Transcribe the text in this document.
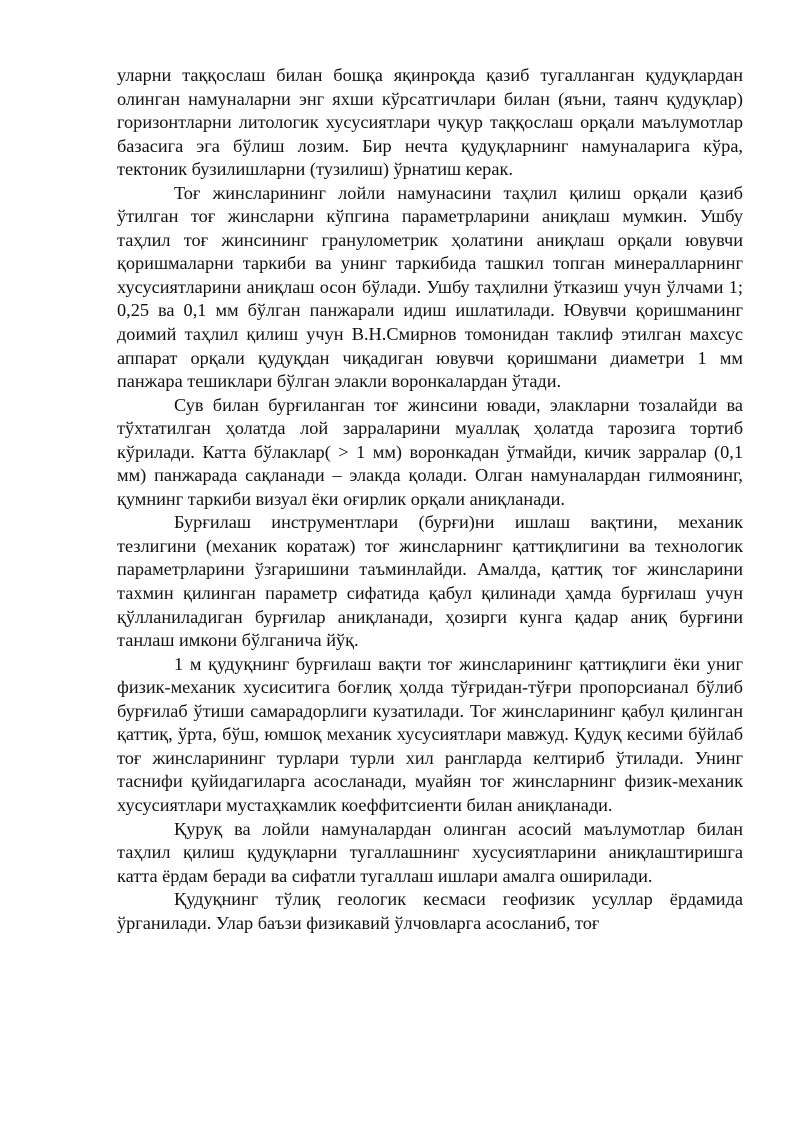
уларни таққослаш билан бошқа яқинроқда қазиб тугалланган қудуқлардан олинган намуналарни энг яхши кўрсатгичлари билан (яъни, таянч қудуқлар) горизонтларни литологик хусусиятлари чуқур таққослаш орқали маълумотлар базасига эга бўлиш лозим. Бир нечта қудуқларнинг намуналарига кўра, тектоник бузилишларни (тузилиш) ўрнатиш керак.

Тоғ жинсларининг лойли намунасини таҳлил қилиш орқали қазиб ўтилган тоғ жинсларни кўпгина параметрларини аниқлаш мумкин. Ушбу таҳлил тоғ жинсининг гранулометрик ҳолатини аниқлаш орқали ювувчи қоришмаларни таркиби ва унинг таркибида ташкил топган минералларнинг хусусиятларини аниқлаш осон бўлади. Ушбу таҳлилни ўтказиш учун ўлчами 1; 0,25 ва 0,1 мм бўлган панжарали идиш ишлатилади. Ювувчи қоришманинг доимий таҳлил қилиш учун В.Н.Смирнов томонидан таклиф этилган махсус аппарат орқали қудуқдан чиқадиган ювувчи қоришмани диаметри 1 мм панжара тешиклари бўлган элакли воронкалардан ўтади.

Сув билан бурғиланган тоғ жинсини ювади, элакларни тозалайди ва тўхтатилган ҳолатда лой зарраларини муаллақ ҳолатда тарозига тортиб кўрилади. Катта бўлаклар( > 1 мм) воронкадан ўтмайди, кичик зарралар (0,1 мм) панжарада сақланади – элакда қолади. Олган намуналардан гилмоянинг, қумнинг таркиби визуал ёки оғирлик орқали аниқланади.

Бурғилаш инструментлари (бурғи)ни ишлаш вақтини, механик тезлигини (механик коратаж) тоғ жинсларнинг қаттиқлигини ва технологик параметрларини ўзгаришини таъминлайди. Амалда, қаттиқ тоғ жинсларини тахмин қилинган параметр сифатида қабул қилинади ҳамда бурғилаш учун қўлланиладиган бурғилар аниқланади, ҳозирги кунга қадар аниқ бурғини танлаш имкони бўлганича йўқ.

1 м қудуқнинг бурғилаш вақти тоғ жинсларининг қаттиқлиги ёки униг физик-механик хусиситига боғлиқ ҳолда тўғридан-тўғри пропорсианал бўлиб бурғилаб ўтиши самарадорлиги кузатилади. Тоғ жинсларининг қабул қилинган қаттиқ, ўрта, бўш, юмшоқ механик хусусиятлари мавжуд. Қудуқ кесими бўйлаб тоғ жинсларининг турлари турли хил рангларда келтириб ўтилади. Унинг таснифи қуйидагиларга асосланади, муайян тоғ жинсларнинг физик-механик хусусиятлари мустаҳкамлик коеффитсиенти билан аниқланади.

Қуруқ ва лойли намуналардан олинган асосий маълумотлар билан таҳлил қилиш қудуқларни тугаллашнинг хусусиятларини аниқлаштиришга катта ёрдам беради ва сифатли тугаллаш ишлари амалга оширилади.

Қудуқнинг тўлиқ геологик кесмаси геофизик усуллар ёрдамида ўрганилади. Улар баъзи физикавий ўлчовларга асосланиб, тоғ
